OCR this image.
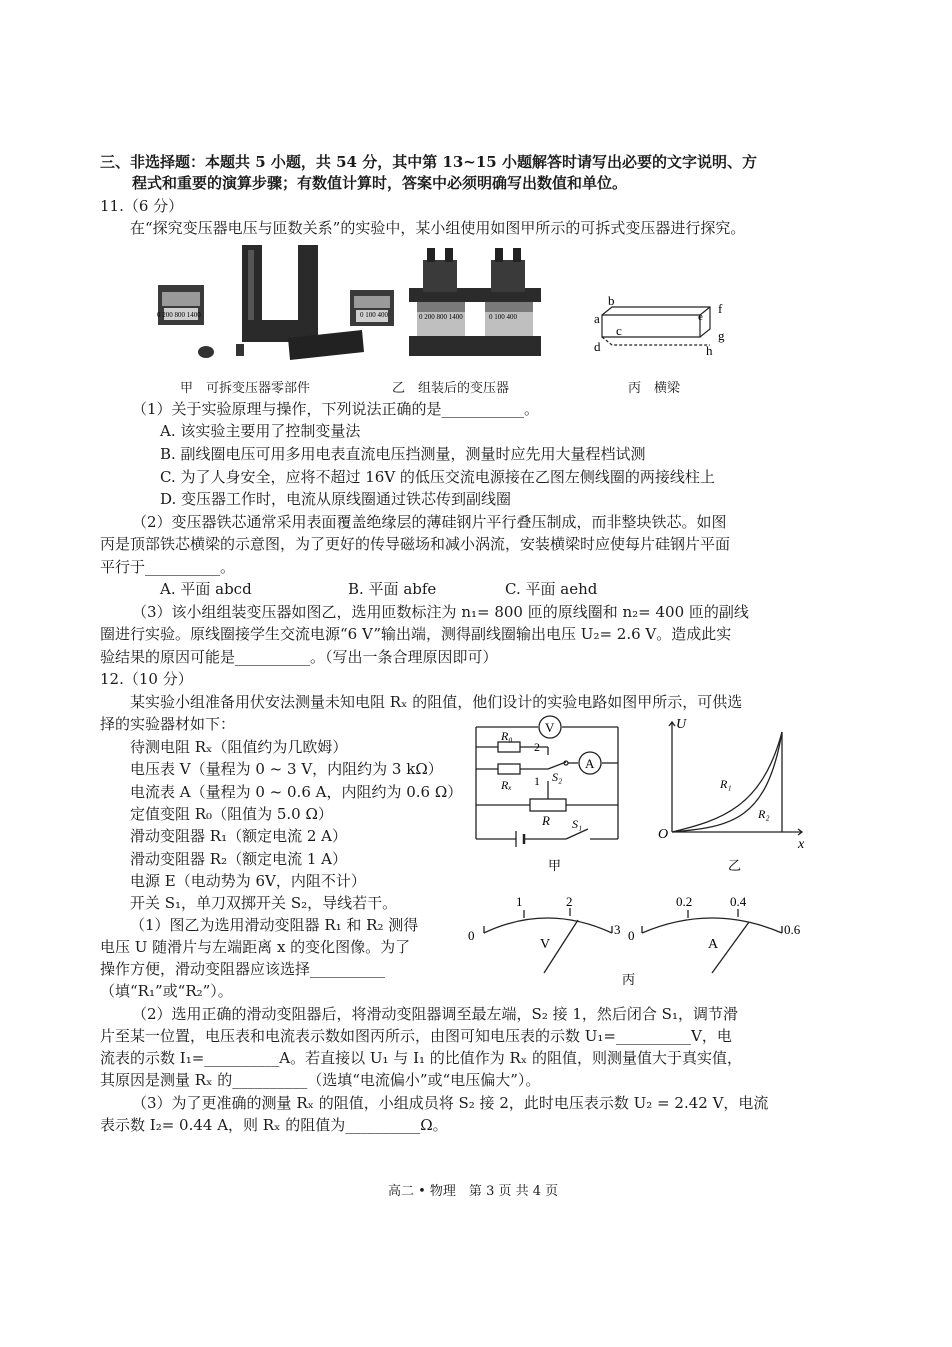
三、非选择题：本题共 5 小题，共 54 分，其中第 13~15 小题解答时请写出必要的文字说明、方
程式和重要的演算步骤；有数值计算时，答案中必须明确写出数值和单位。
11.（6 分）
在“探究变压器电压与匝数关系”的实验中，某小组使用如图甲所示的可拆式变压器进行探究。
0 200 800 1400	0 100 400
甲　可拆变压器零部件
0 200 800 1400	0 100 400
乙　组装后的变压器
a
b
c
d
e
f
g
h
丙　横梁
（1）关于实验原理与操作，下列说法正确的是___________。
A. 该实验主要用了控制变量法
B. 副线圈电压可用多用电表直流电压挡测量，测量时应先用大量程档试测
C. 为了人身安全，应将不超过 16V 的低压交流电源接在乙图左侧线圈的两接线柱上
D. 变压器工作时，电流从原线圈通过铁芯传到副线圈
（2）变压器铁芯通常采用表面覆盖绝缘层的薄硅钢片平行叠压制成，而非整块铁芯。如图
丙是顶部铁芯横梁的示意图，为了更好的传导磁场和减小涡流，安装横梁时应使每片硅钢片平面
平行于__________。
A. 平面 abcd	B. 平面 abfe	C. 平面 aehd
（3）该小组组装变压器如图乙，选用匝数标注为 n₁= 800 匝的原线圈和 n₂= 400 匝的副线
圈进行实验。原线圈接学生交流电源“6 V”输出端，测得副线圈输出电压 U₂= 2.6 V。造成此实
验结果的原因可能是__________。（写出一条合理原因即可）
12.（10 分）
某实验小组准备用伏安法测量未知电阻 Rₓ 的阻值，他们设计的实验电路如图甲所示，可供选
择的实验器材如下：
待测电阻 Rₓ（阻值约为几欧姆）
电压表 V（量程为 0 ~ 3 V，内阻约为 3 kΩ）
电流表 A（量程为 0 ~ 0.6 A，内阻约为 0.6 Ω）
定值变阻 R₀（阻值为 5.0 Ω）
滑动变阻器 R₁（额定电流 2 A）
滑动变阻器 R₂（额定电流 1 A）
电源 E（电动势为 6V，内阻不计）
开关 S₁，单刀双掷开关 S₂，导线若干。
（1）图乙为选用滑动变阻器 R₁ 和 R₂ 测得
电压 U 随滑片与左端距离 x 的变化图像。为了
操作方便，滑动变阻器应该选择__________
（填“R₁”或“R₂”）。
V
A
R₀
2
Rₓ
S₂
1
R S₁
甲
U
x
O
R₁
R₂
乙
0
1	2
3
V
0
0.2	0.4
0.6
A
丙
（2）选用正确的滑动变阻器后，将滑动变阻器调至最左端，S₂ 接 1，然后闭合 S₁，调节滑
片至某一位置，电压表和电流表示数如图丙所示，由图可知电压表的示数 U₁=__________V，电
流表的示数 I₁=__________A。若直接以 U₁ 与 I₁ 的比值作为 Rₓ 的阻值，则测量值大于真实值，
其原因是测量 Rₓ 的__________（选填“电流偏小”或“电压偏大”）。
（3）为了更准确的测量 Rₓ 的阻值，小组成员将 S₂ 接 2，此时电压表示数 U₂ = 2.42 V，电流
表示数 I₂= 0.44 A，则 Rₓ 的阻值为__________Ω。
高二 • 物理　第 3 页 共 4 页
